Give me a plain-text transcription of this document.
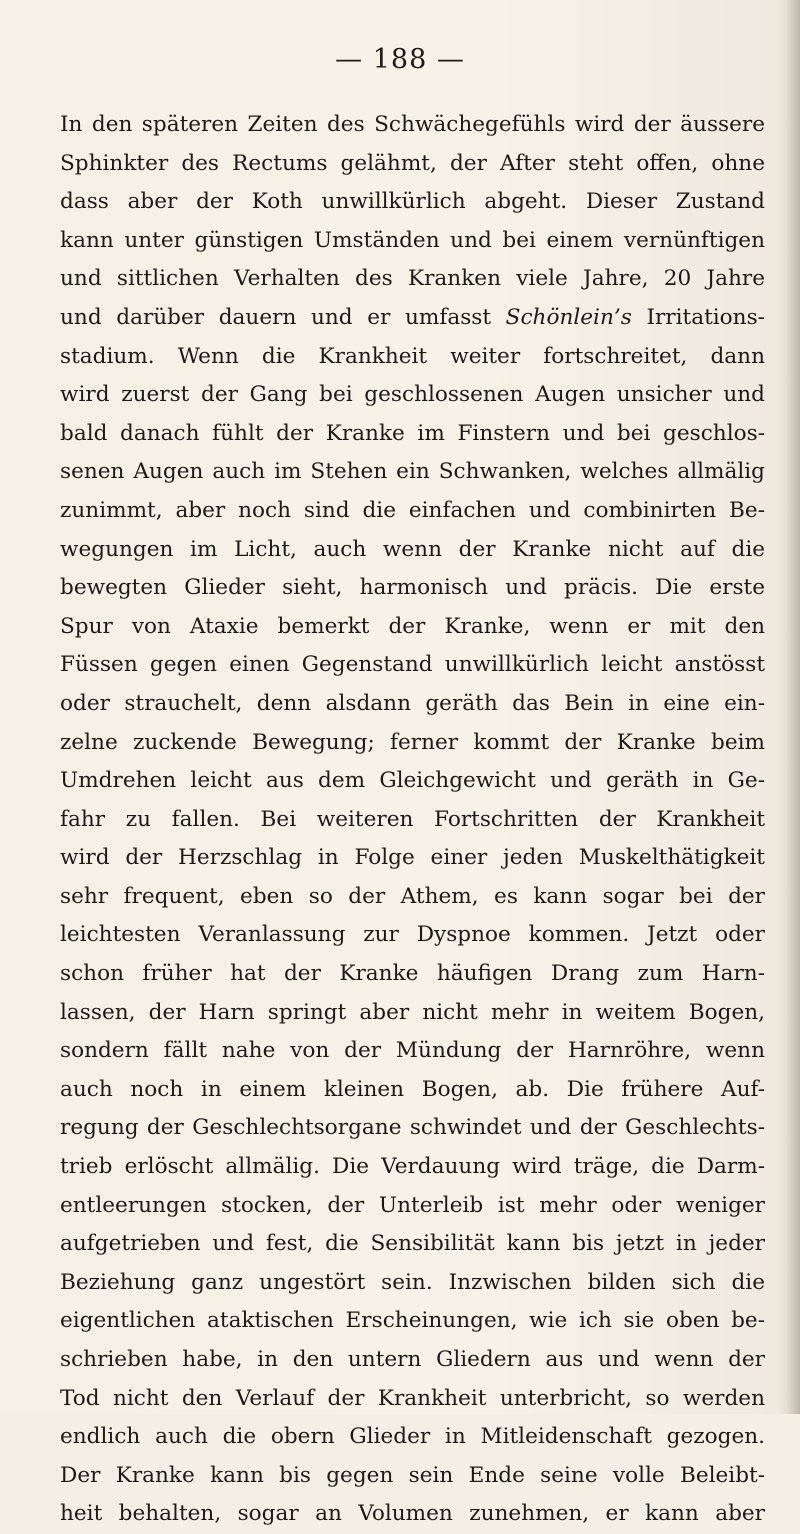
— 188 —
In den späteren Zeiten des Schwächegefühls wird der äussere
Sphinkter des Rectums gelähmt, der After steht offen, ohne
dass aber der Koth unwillkürlich abgeht. Dieser Zustand
kann unter günstigen Umständen und bei einem vernünftigen
und sittlichen Verhalten des Kranken viele Jahre, 20 Jahre
und darüber dauern und er umfasst Schönlein’s Irritations-
stadium. Wenn die Krankheit weiter fortschreitet, dann
wird zuerst der Gang bei geschlossenen Augen unsicher und
bald danach fühlt der Kranke im Finstern und bei geschlos-
senen Augen auch im Stehen ein Schwanken, welches allmälig
zunimmt, aber noch sind die einfachen und combinirten Be-
wegungen im Licht, auch wenn der Kranke nicht auf die
bewegten Glieder sieht, harmonisch und präcis. Die erste
Spur von Ataxie bemerkt der Kranke, wenn er mit den
Füssen gegen einen Gegenstand unwillkürlich leicht anstösst
oder strauchelt, denn alsdann geräth das Bein in eine ein-
zelne zuckende Bewegung; ferner kommt der Kranke beim
Umdrehen leicht aus dem Gleichgewicht und geräth in Ge-
fahr zu fallen. Bei weiteren Fortschritten der Krankheit
wird der Herzschlag in Folge einer jeden Muskelthätigkeit
sehr frequent, eben so der Athem, es kann sogar bei der
leichtesten Veranlassung zur Dyspnoe kommen. Jetzt oder
schon früher hat der Kranke häufigen Drang zum Harn-
lassen, der Harn springt aber nicht mehr in weitem Bogen,
sondern fällt nahe von der Mündung der Harnröhre, wenn
auch noch in einem kleinen Bogen, ab. Die frühere Auf-
regung der Geschlechtsorgane schwindet und der Geschlechts-
trieb erlöscht allmälig. Die Verdauung wird träge, die Darm-
entleerungen stocken, der Unterleib ist mehr oder weniger
aufgetrieben und fest, die Sensibilität kann bis jetzt in jeder
Beziehung ganz ungestört sein. Inzwischen bilden sich die
eigentlichen ataktischen Erscheinungen, wie ich sie oben be-
schrieben habe, in den untern Gliedern aus und wenn der
Tod nicht den Verlauf der Krankheit unterbricht, so werden
endlich auch die obern Glieder in Mitleidenschaft gezogen.
Der Kranke kann bis gegen sein Ende seine volle Beleibt-
heit behalten, sogar an Volumen zunehmen, er kann aber
